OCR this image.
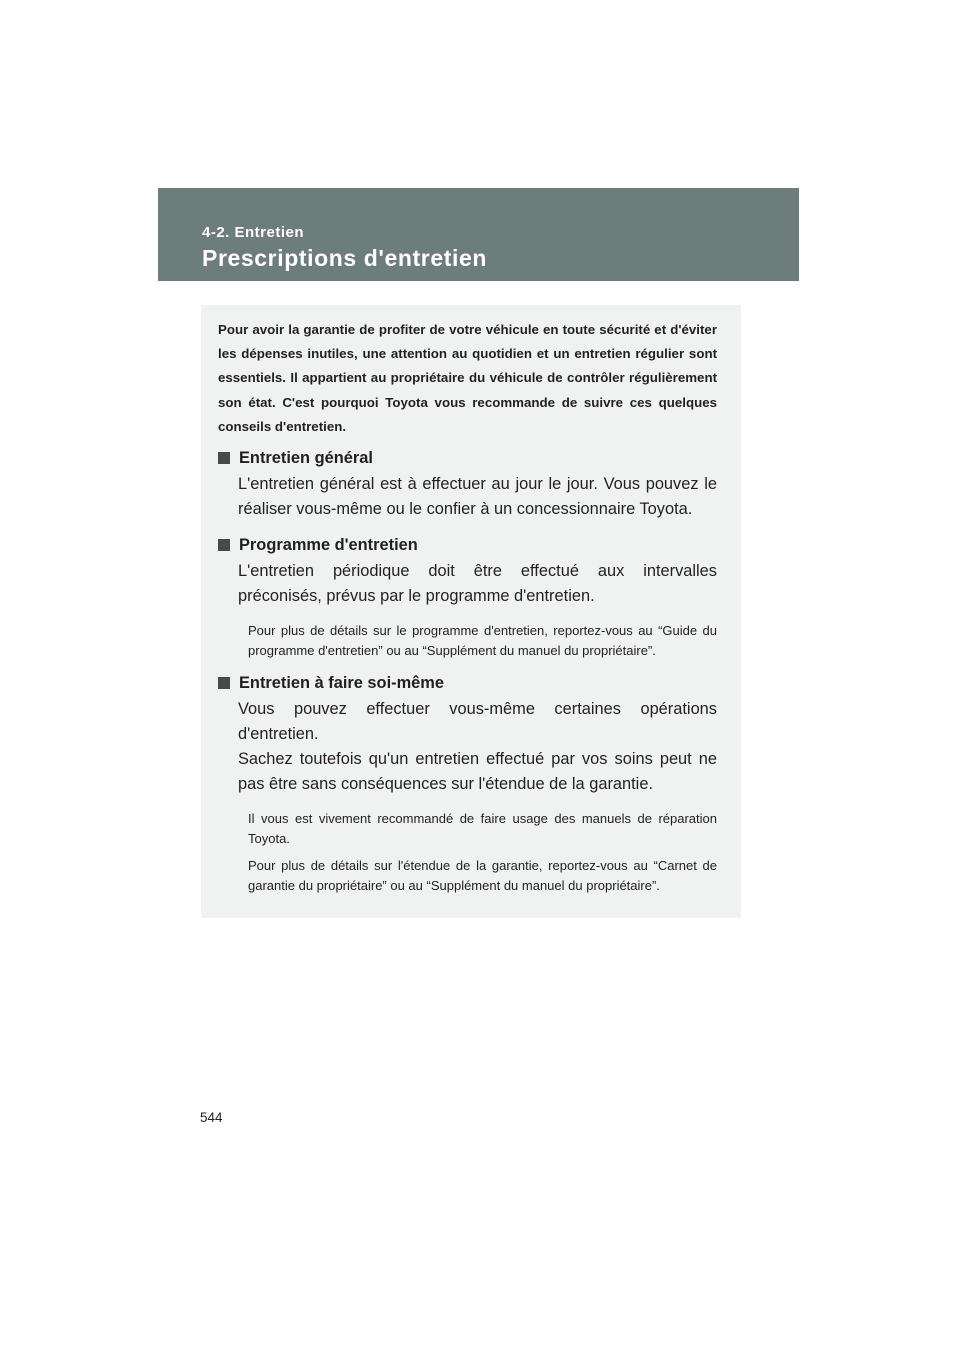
4-2. Entretien
Prescriptions d'entretien

Pour avoir la garantie de profiter de votre véhicule en toute sécurité et d'éviter les dépenses inutiles, une attention au quotidien et un entretien régulier sont essentiels. Il appartient au propriétaire du véhicule de contrôler régulièrement son état. C'est pourquoi Toyota vous recommande de suivre ces quelques conseils d'entretien.

Entretien général

L'entretien général est à effectuer au jour le jour. Vous pouvez le réaliser vous-même ou le confier à un concessionnaire Toyota.

Programme d'entretien

L'entretien périodique doit être effectué aux intervalles préconisés, prévus par le programme d'entretien.

Pour plus de détails sur le programme d'entretien, reportez-vous au “Guide du programme d'entretien” ou au “Supplément du manuel du propriétaire”.

Entretien à faire soi-même

Vous pouvez effectuer vous-même certaines opérations d'entretien.

Sachez toutefois qu'un entretien effectué par vos soins peut ne pas être sans conséquences sur l'étendue de la garantie.

Il vous est vivement recommandé de faire usage des manuels de réparation Toyota.

Pour plus de détails sur l'étendue de la garantie, reportez-vous au “Carnet de garantie du propriétaire” ou au “Supplément du manuel du propriétaire”.

544
